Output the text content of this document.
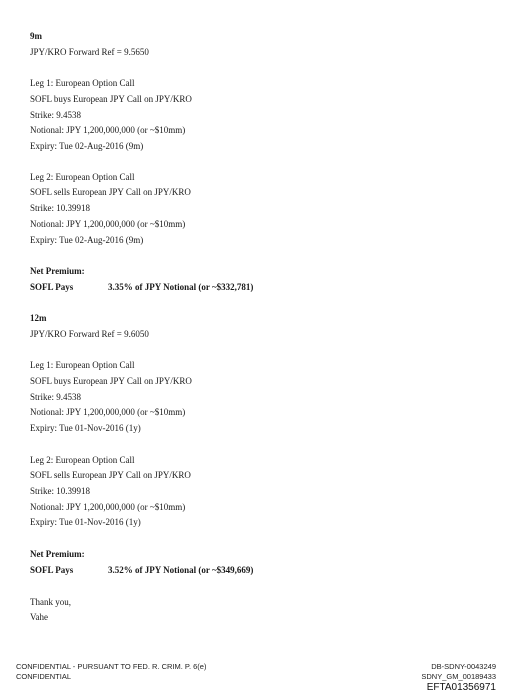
9m
JPY/KRO Forward Ref = 9.5650
Leg 1: European Option Call
SOFL buys European JPY Call on JPY/KRO
Strike: 9.4538
Notional: JPY 1,200,000,000 (or ~$10mm)
Expiry: Tue 02-Aug-2016 (9m)
Leg 2: European Option Call
SOFL sells European JPY Call on JPY/KRO
Strike: 10.39918
Notional: JPY 1,200,000,000 (or ~$10mm)
Expiry: Tue 02-Aug-2016 (9m)
Net Premium:
SOFL Pays	3.35% of JPY Notional (or ~$332,781)
12m
JPY/KRO Forward Ref = 9.6050
Leg 1: European Option Call
SOFL buys European JPY Call on JPY/KRO
Strike: 9.4538
Notional: JPY 1,200,000,000 (or ~$10mm)
Expiry: Tue 01-Nov-2016 (1y)
Leg 2: European Option Call
SOFL sells European JPY Call on JPY/KRO
Strike: 10.39918
Notional: JPY 1,200,000,000 (or ~$10mm)
Expiry: Tue 01-Nov-2016 (1y)
Net Premium:
SOFL Pays	3.52% of JPY Notional (or ~$349,669)
Thank you,
Vahe
CONFIDENTIAL - PURSUANT TO FED. R. CRIM. P. 6(e)
CONFIDENTIAL
DB-SDNY-0043249
SDNY_GM_00189433
EFTA01356971
